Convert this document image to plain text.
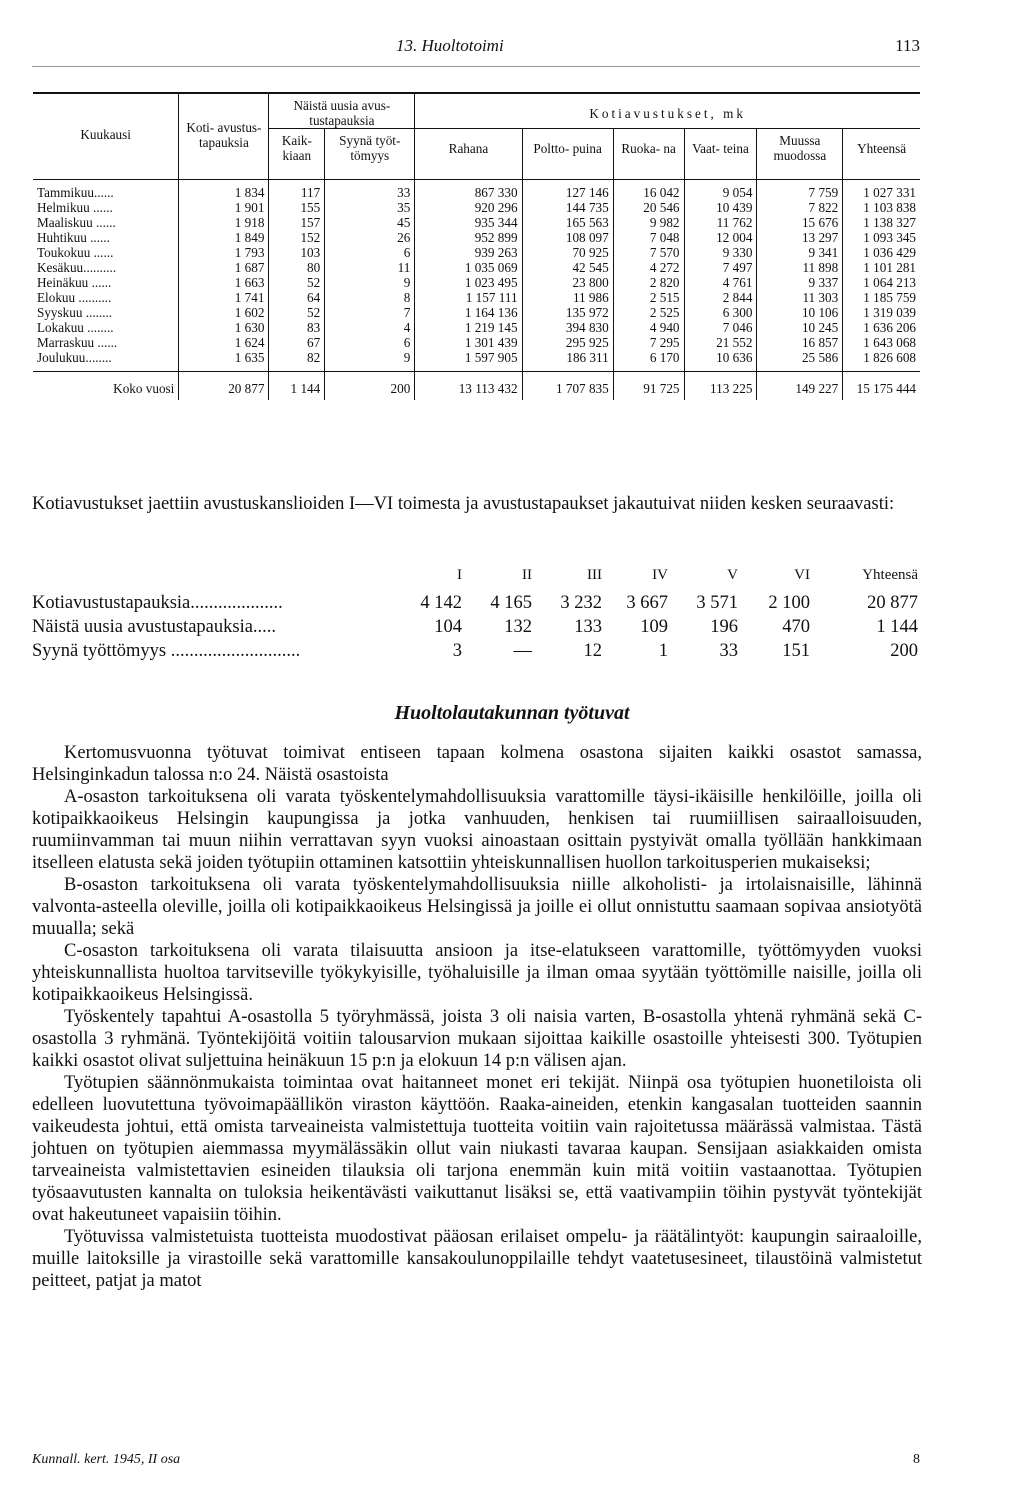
13. Huoltotoimi	113
Kuukausi	Koti- avustus- tapauksia	Näistä uusia avus- tustapauksia		Kotiavustukset, mk					
		Kaik- kiaan	Syynä työt- tömyys	Rahana	Poltto- puina	Ruoka- na	Vaat- teina	Muussa muodossa	Yhteensä

Tammikuu......	1 834	117	33	867 330	127 146	16 042	9 054	7 759	1 027 331
Helmikuu ......	1 901	155	35	920 296	144 735	20 546	10 439	7 822	1 103 838
Maaliskuu ......	1 918	157	45	935 344	165 563	9 982	11 762	15 676	1 138 327
Huhtikuu ......	1 849	152	26	952 899	108 097	7 048	12 004	13 297	1 093 345
Toukokuu ......	1 793	103	6	939 263	70 925	7 570	9 330	9 341	1 036 429
Kesäkuu..........	1 687	80	11	1 035 069	42 545	4 272	7 497	11 898	1 101 281
Heinäkuu ......	1 663	52	9	1 023 495	23 800	2 820	4 761	9 337	1 064 213
Elokuu ..........	1 741	64	8	1 157 111	11 986	2 515	2 844	11 303	1 185 759
Syyskuu ........	1 602	52	7	1 164 136	135 972	2 525	6 300	10 106	1 319 039
Lokakuu ........	1 630	83	4	1 219 145	394 830	4 940	7 046	10 245	1 636 206
Marraskuu ......	1 624	67	6	1 301 439	295 925	7 295	21 552	16 857	1 643 068
Joulukuu........	1 635	82	9	1 597 905	186 311	6 170	10 636	25 586	1 826 608

Koko vuosi	20 877	1 144	200	13 113 432	1 707 835	91 725	113 225	149 227	15 175 444
Kotiavustukset jaettiin avustuskanslioiden I—VI toimesta ja avustustapaukset jakautuivat niiden kesken seuraavasti:
	I	II	III	IV	V	VI	Yhteensä
Kotiavustustapauksia....................	4 142	4 165	3 232	3 667	3 571	2 100	20 877
Näistä uusia avustustapauksia.....	104	132	133	109	196	470	1 144
Syynä työttömyys ............................	3	—	12	1	33	151	200
Huoltolautakunnan työtuvat

Kertomusvuonna työtuvat toimivat entiseen tapaan kolmena osastona sijaiten kaikki osastot samassa, Helsinginkadun talossa n:o 24. Näistä osastoista

A-osaston tarkoituksena oli varata työskentelymahdollisuuksia varattomille täysi-ikäisille henkilöille, joilla oli kotipaikkaoikeus Helsingin kaupungissa ja jotka vanhuuden, henkisen tai ruumiillisen sairaalloisuuden, ruumiinvamman tai muun niihin verrattavan syyn vuoksi ainoastaan osittain pystyivät omalla työllään hankkimaan itselleen elatusta sekä joiden työtupiin ottaminen katsottiin yhteiskunnallisen huollon tarkoitusperien mukaiseksi;

B-osaston tarkoituksena oli varata työskentelymahdollisuuksia niille alkoholisti- ja irtolaisnaisille, lähinnä valvonta-asteella oleville, joilla oli kotipaikkaoikeus Helsingissä ja joille ei ollut onnistuttu saamaan sopivaa ansiotyötä muualla; sekä

C-osaston tarkoituksena oli varata tilaisuutta ansioon ja itse-elatukseen varattomille, työttömyyden vuoksi yhteiskunnallista huoltoa tarvitseville työkykyisille, työhaluisille ja ilman omaa syytään työttömille naisille, joilla oli kotipaikkaoikeus Helsingissä.

Työskentely tapahtui A-osastolla 5 työryhmässä, joista 3 oli naisia varten, B-osastolla yhtenä ryhmänä sekä C-osastolla 3 ryhmänä. Työntekijöitä voitiin talousarvion mukaan sijoittaa kaikille osastoille yhteisesti 300. Työtupien kaikki osastot olivat suljettuina heinäkuun 15 p:n ja elokuun 14 p:n välisen ajan.

Työtupien säännönmukaista toimintaa ovat haitanneet monet eri tekijät. Niinpä osa työtupien huonetiloista oli edelleen luovutettuna työvoimapäällikön viraston käyttöön. Raaka-aineiden, etenkin kangasalan tuotteiden saannin vaikeudesta johtui, että omista tarveaineista valmistettuja tuotteita voitiin vain rajoitetussa määrässä valmistaa. Tästä johtuen on työtupien aiemmassa myymälässäkin ollut vain niukasti tavaraa kaupan. Sensijaan asiakkaiden omista tarveaineista valmistettavien esineiden tilauksia oli tarjona enemmän kuin mitä voitiin vastaanottaa. Työtupien työsaavutusten kannalta on tuloksia heikentävästi vaikuttanut lisäksi se, että vaativampiin töihin pystyvät työntekijät ovat hakeutuneet vapaisiin töihin.

Työtuvissa valmistetuista tuotteista muodostivat pääosan erilaiset ompelu- ja räätälintyöt: kaupungin sairaaloille, muille laitoksille ja virastoille sekä varattomille kansakoulunoppilaille tehdyt vaatetusesineet, tilaustöinä valmistetut peitteet, patjat ja matot

Kunnall. kert. 1945, II osa	8
